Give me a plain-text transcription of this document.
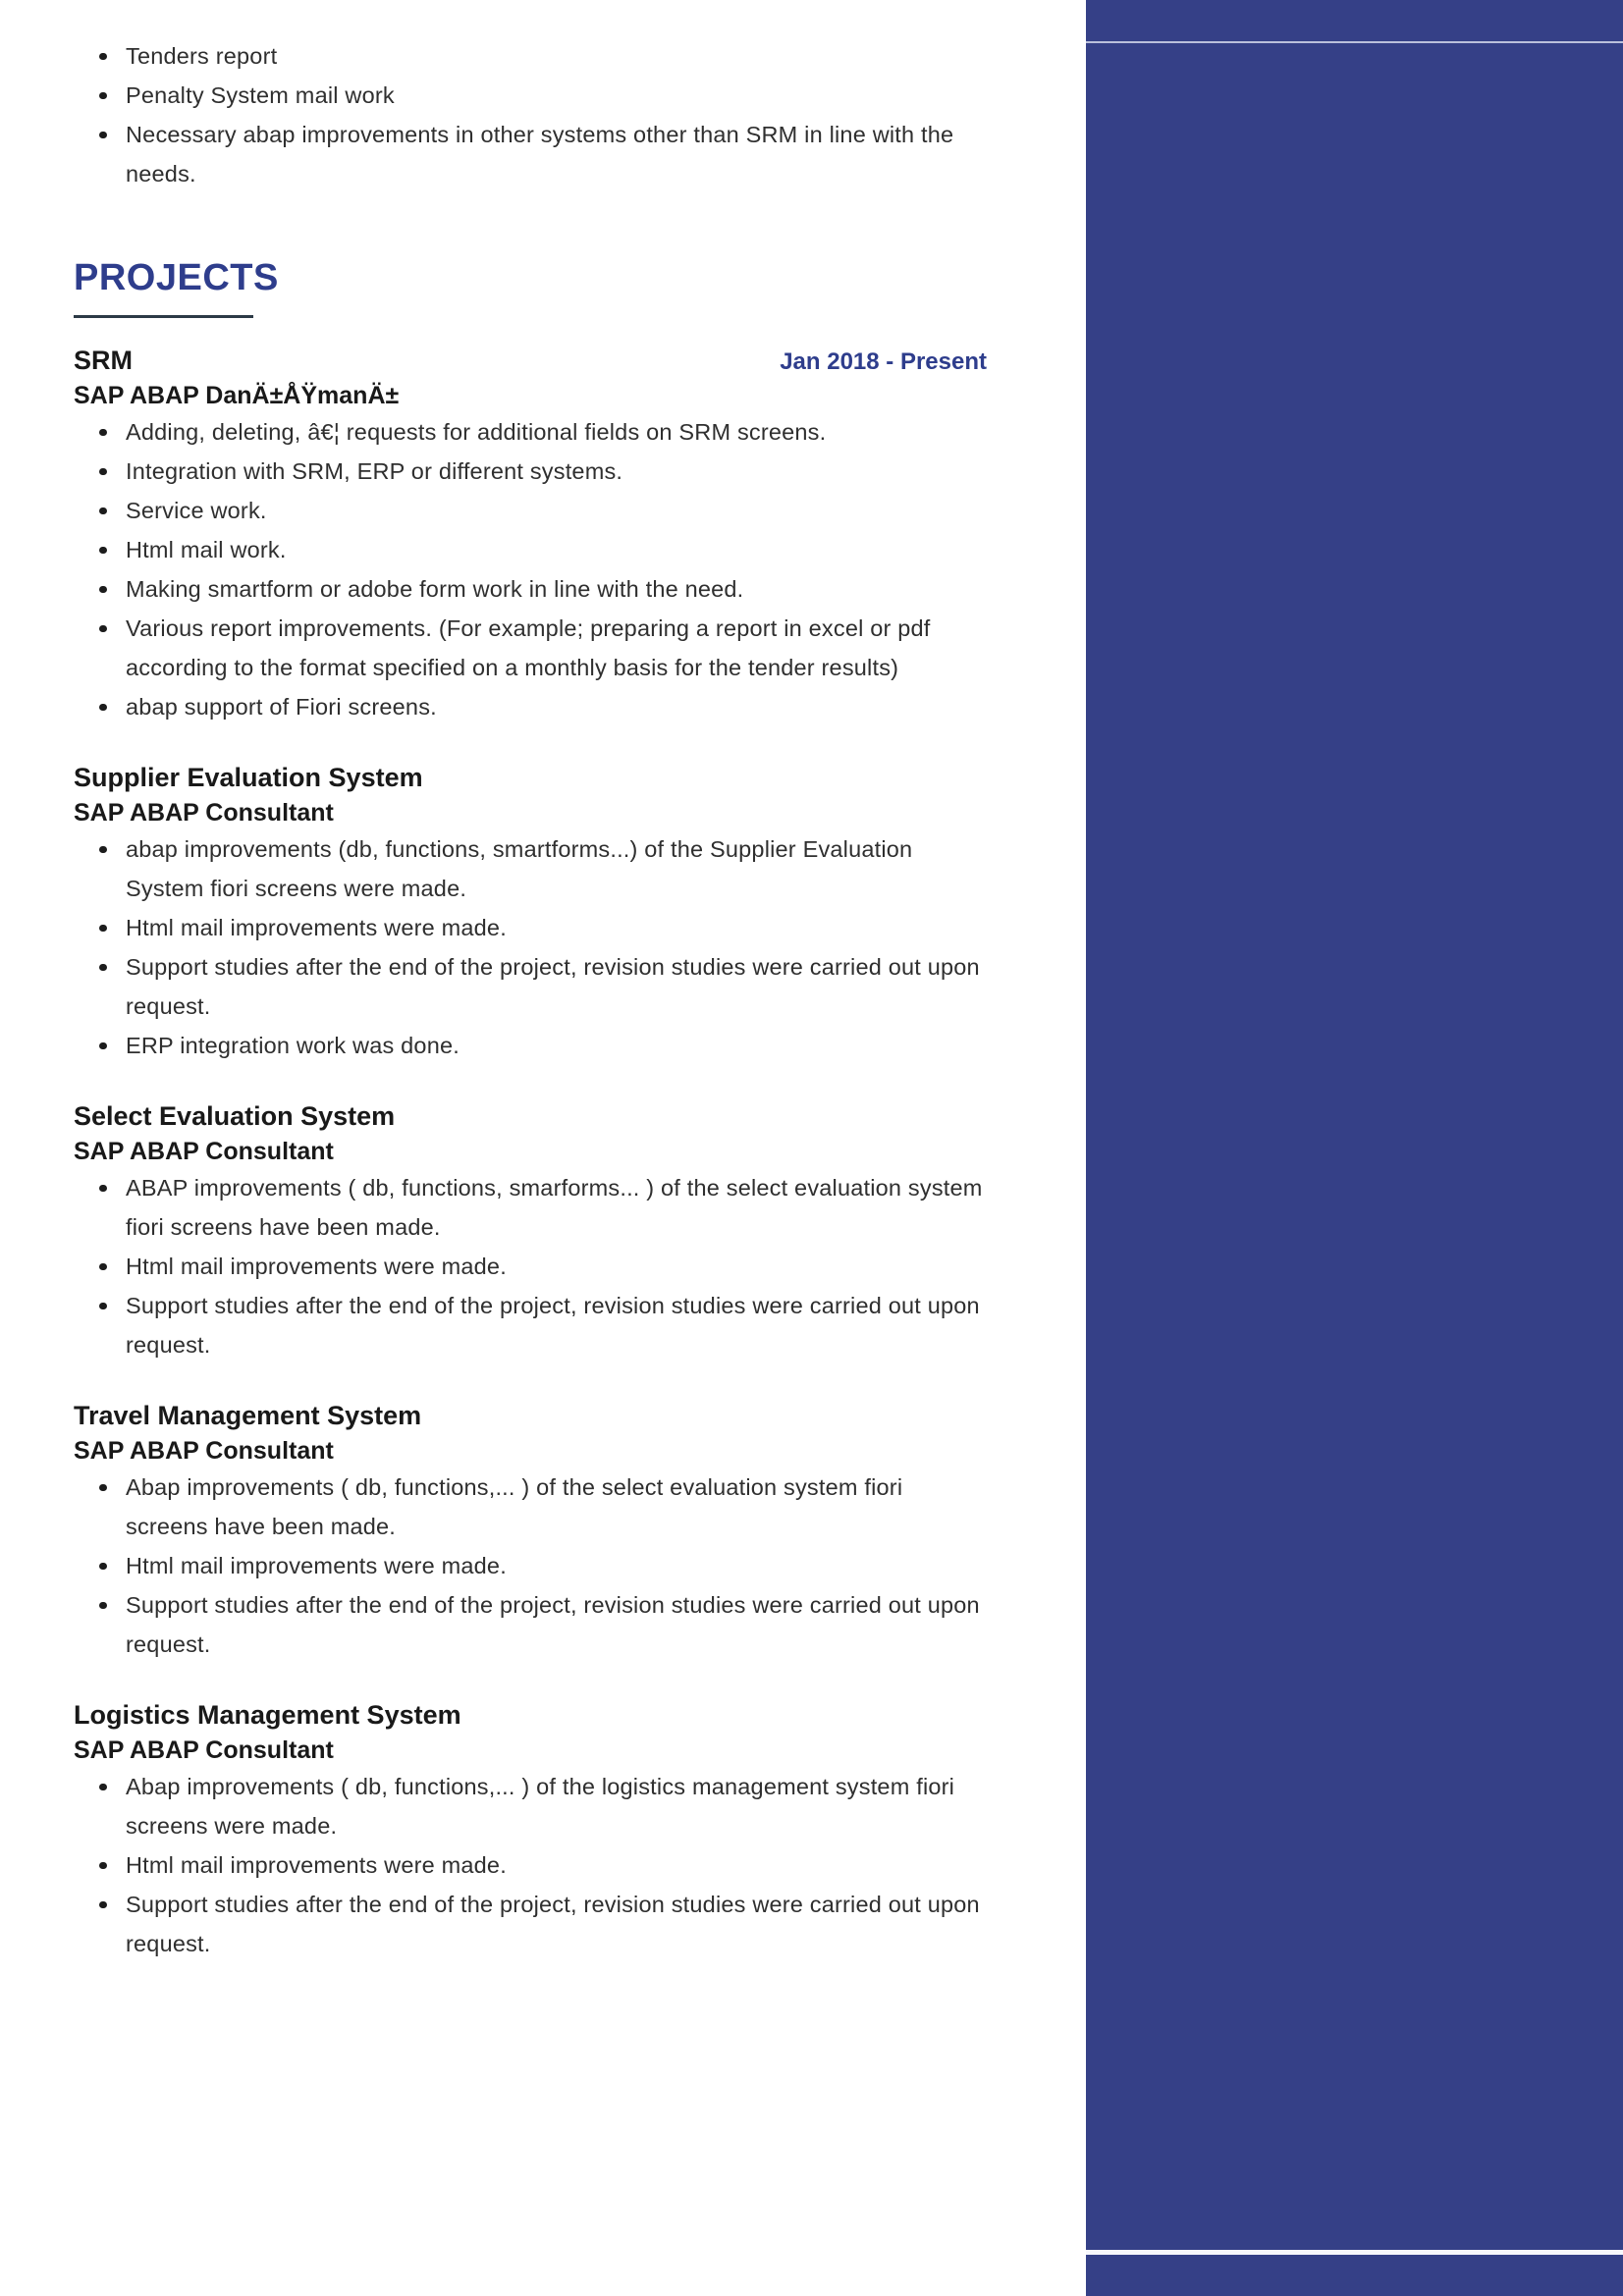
Tenders report
Penalty System mail work
Necessary abap improvements in other systems other than SRM in line with the needs.
PROJECTS
SRM	Jan 2018 - Present
SAP ABAP DanÄ±ÅŸmanÄ±
Adding, deleting, â€¦ requests for additional fields on SRM screens.
Integration with SRM, ERP or different systems.
Service work.
Html mail work.
Making smartform or adobe form work in line with the need.
Various report improvements. (For example; preparing a report in excel or pdf according to the format specified on a monthly basis for the tender results)
abap support of Fiori screens.
Supplier Evaluation System
SAP ABAP Consultant
abap improvements (db, functions, smartforms...) of the Supplier Evaluation System fiori screens were made.
Html mail improvements were made.
Support studies after the end of the project, revision studies were carried out upon request.
ERP integration work was done.
Select Evaluation System
SAP ABAP Consultant
ABAP improvements ( db, functions, smarforms... ) of the select evaluation system fiori screens have been made.
Html mail improvements were made.
Support studies after the end of the project, revision studies were carried out upon request.
Travel Management System
SAP ABAP Consultant
Abap improvements ( db, functions,... ) of the select evaluation system fiori screens have been made.
Html mail improvements were made.
Support studies after the end of the project, revision studies were carried out upon request.
Logistics Management System
SAP ABAP Consultant
Abap improvements ( db, functions,... ) of the logistics management system fiori screens were made.
Html mail improvements were made.
Support studies after the end of the project, revision studies were carried out upon request.
